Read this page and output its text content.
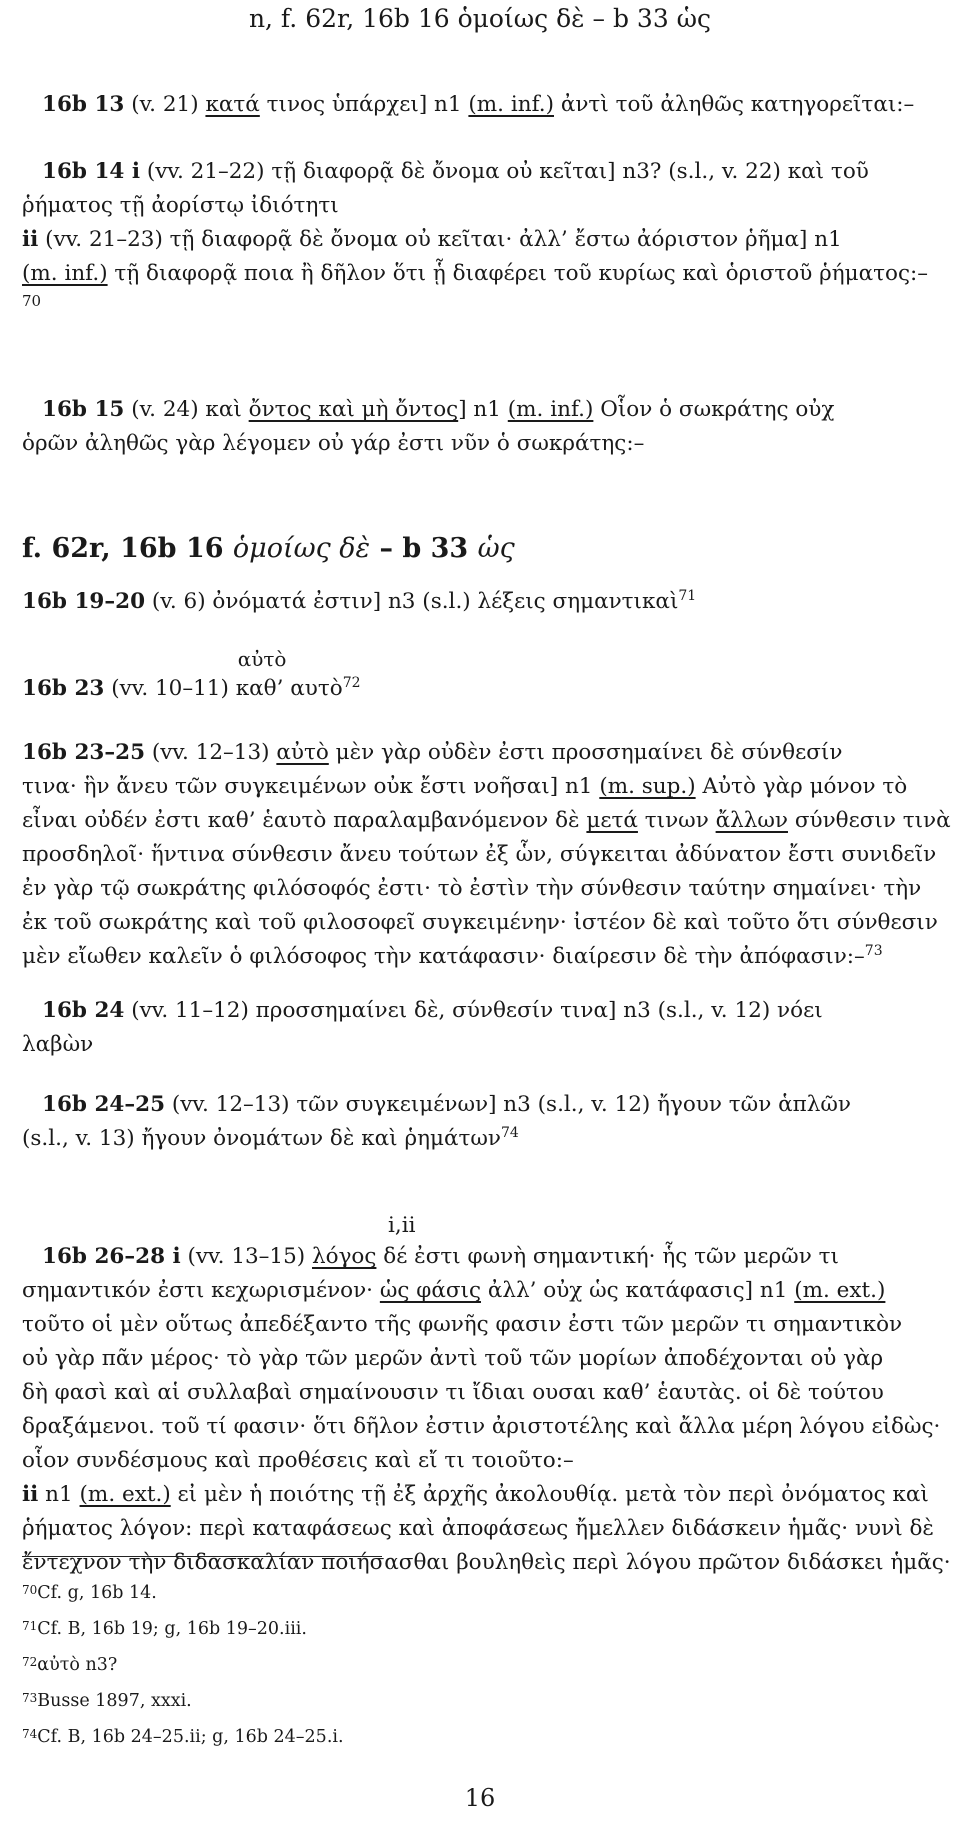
n, f. 62r, 16b 16 ὁμοίως δὲ – b 33 ὡς
16b 13 (v. 21) κατά τινος ὑπάρχει] n1 (m. inf.) ἀντὶ τοῦ ἀληθῶς κατηγορεῖται:–
16b 14 i (vv. 21–22) τῇ διαφορᾷ δὲ ὄνομα οὐ κεῖται] n3? (s.l., v. 22) καὶ τοῦ
ῥήματος τῇ ἀορίστῳ ἰδιότητι
ii (vv. 21–23) τῇ διαφορᾷ δὲ ὄνομα οὐ κεῖται· ἀλλ’ ἔστω ἀόριστον ῥῆμα] n1
(m. inf.) τῇ διαφορᾷ ποια ἢ δῆλον ὅτι ᾗ διαφέρει τοῦ κυρίως καὶ ὁριστοῦ ῥήματος:–
70
16b 15 (v. 24) καὶ ὄντος καὶ μὴ ὄντος] n1 (m. inf.) Οἷον ὁ σωκράτης οὐχ
ὁρῶν ἀληθῶς γὰρ λέγομεν οὐ γάρ ἐστι νῦν ὁ σωκράτης:–
f. 62r, 16b 16 ὁμοίως δὲ – b 33 ὡς
16b 19–20 (v. 6) ὀνόματά ἐστιν] n3 (s.l.) λέξεις σημαντικαὶ$^{71}$
16b 23 (vv. 10–11)
αὐτὸ
καθ’ αυτὸ$^{72}$
16b 23–25 (vv. 12–13) αὐτὸ μὲν γὰρ οὐδὲν ἐστι προσσημαίνει δὲ σύνθεσίν
τινα· ἣν ἄνευ τῶν συγκειμένων οὐκ ἔστι νοῆσαι] n1 (m. sup.) Αὐτὸ γὰρ μόνον τὸ
εἶναι οὐδέν ἐστι καθ’ ἑαυτὸ παραλαμβανόμενον δὲ μετά τινων ἄλλων σύνθεσιν τινὰ
προσδηλοῖ· ἥντινα σύνθεσιν ἄνευ τούτων ἐξ ὧν, σύγκειται ἀδύνατον ἔστι συνιδεῖν
ἐν γὰρ τῷ σωκράτης φιλόσοφός ἐστι· τὸ ἐστὶν τὴν σύνθεσιν ταύτην σημαίνει· τὴν
ἐκ τοῦ σωκράτης καὶ τοῦ φιλοσοφεῖ συγκειμένην· ἰστέον δὲ καὶ τοῦτο ὅτι σύνθεσιν
μὲν εἴωθεν καλεῖν ὁ φιλόσοφος τὴν κατάφασιν· διαίρεσιν δὲ τὴν ἀπόφασιν:–$^{73}$
16b 24 (vv. 11–12) προσσημαίνει δὲ, σύνθεσίν τινα] n3 (s.l., v. 12) νόει
λαβὼν
16b 24–25 (vv. 12–13) τῶν συγκειμένων] n3 (s.l., v. 12) ἤγουν τῶν ἁπλῶν
(s.l., v. 13) ἤγουν ὀνομάτων δὲ καὶ ῥημάτων$^{74}$
i,ii
16b 26–28 i (vv. 13–15) λόγος δέ ἐστι φωνὴ σημαντική· ἧς τῶν μερῶν τι
σημαντικόν ἐστι κεχωρισμένον· ὡς φάσις ἀλλ’ οὐχ ὡς κατάφασις] n1 (m. ext.)
τοῦτο οἱ μὲν οὕτως ἀπεδέξαντο τῆς φωνῆς φασιν ἐστι τῶν μερῶν τι σημαντικὸν
οὐ γὰρ πᾶν μέρος· τὸ γὰρ τῶν μερῶν ἀντὶ τοῦ τῶν μορίων ἀποδέχονται οὐ γὰρ
δὴ φασὶ καὶ αἱ συλλαβαὶ σημαίνουσιν τι ἴδιαι ουσαι καθ’ ἑαυτὰς. οἱ δὲ τούτου
δραξάμενοι. τοῦ τί φασιν· ὅτι δῆλον ἐστιν ἀριστοτέλης καὶ ἄλλα μέρη λόγου εἰδὼς·
οἷον συνδέσμους καὶ προθέσεις καὶ εἴ τι τοιοῦτο:–
ii n1 (m. ext.) εἰ μὲν ἡ ποιότης τῇ ἐξ ἀρχῆς ἀκολουθίᾳ. μετὰ τὸν περὶ ὀνόματος καὶ
ῥήματος λόγον: περὶ καταφάσεως καὶ ἀποφάσεως ἤμελλεν διδάσκειν ἡμᾶς· νυνὶ δὲ
ἔντεχνον τὴν διδασκαλίαν ποιήσασθαι βουληθεὶς περὶ λόγου πρῶτον διδάσκει ἡμᾶς·
$^{70}$Cf. g, 16b 14.
$^{71}$Cf. B, 16b 19; g, 16b 19–20.iii.
$^{72}$αὐτὸ n3?
$^{73}$Busse 1897, xxxi.
$^{74}$Cf. B, 16b 24–25.ii; g, 16b 24–25.i.
16
